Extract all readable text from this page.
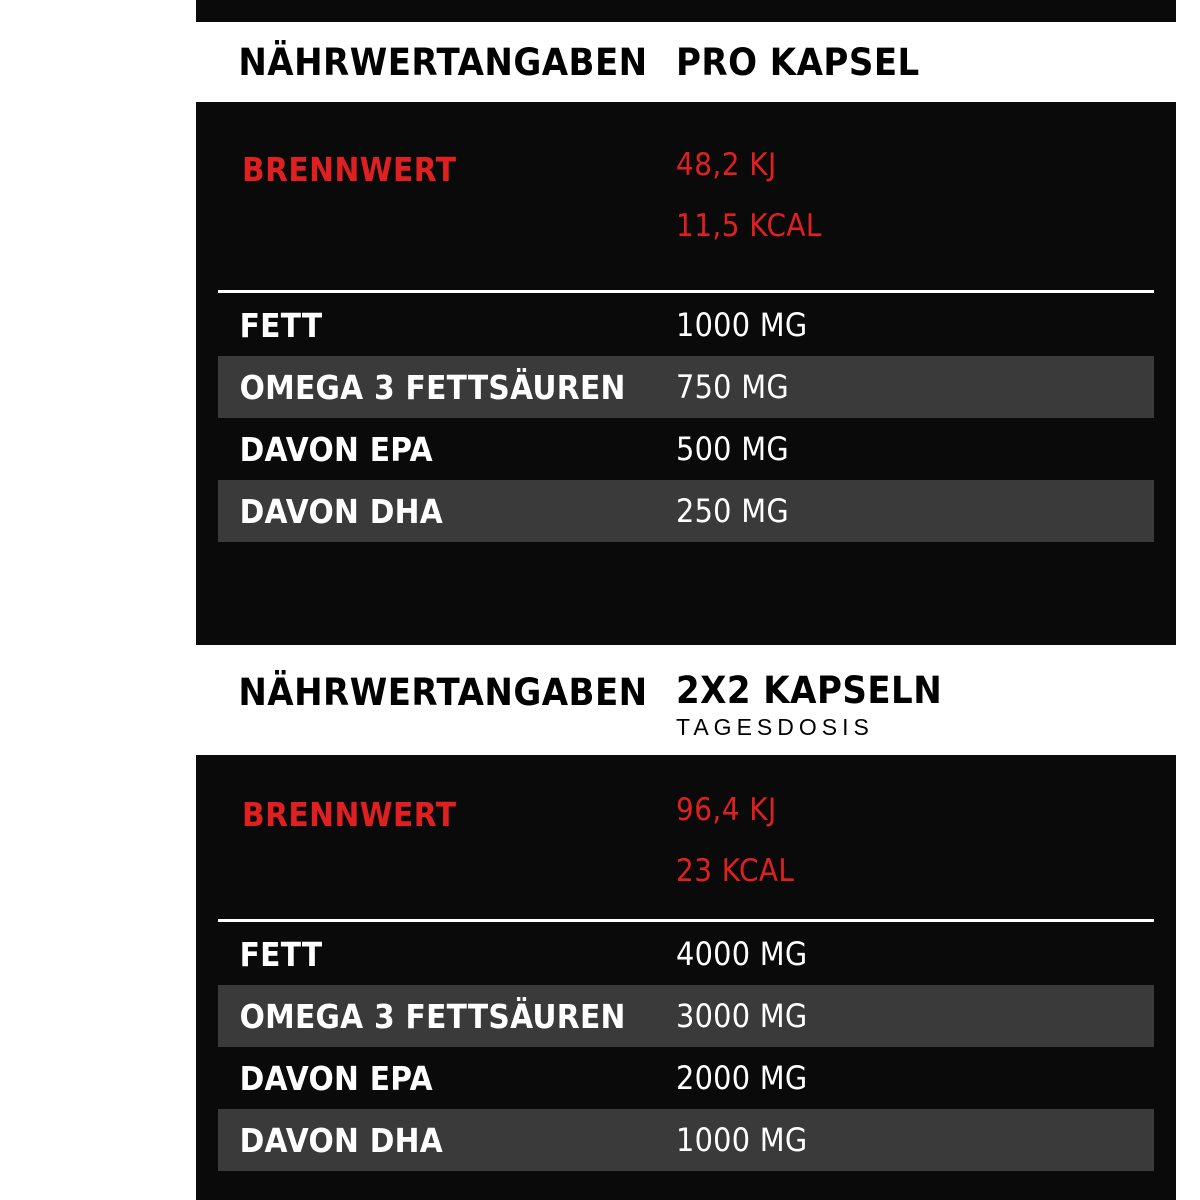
NÄHRWERTANGABEN PRO KAPSEL
BRENNWERT	48,2 KJ
11,5 KCAL
FETT	1000 MG
OMEGA 3 FETTSÄUREN 750 MG
DAVON EPA	500 MG
DAVON DHA	250 MG
NÄHRWERTANGABEN 2X2 KAPSELN
TAGESDOSIS
BRENNWERT	96,4 KJ
23 KCAL
FETT	4000 MG
OMEGA 3 FETTSÄUREN 3000 MG
DAVON EPA	2000 MG
DAVON DHA	1000 MG
